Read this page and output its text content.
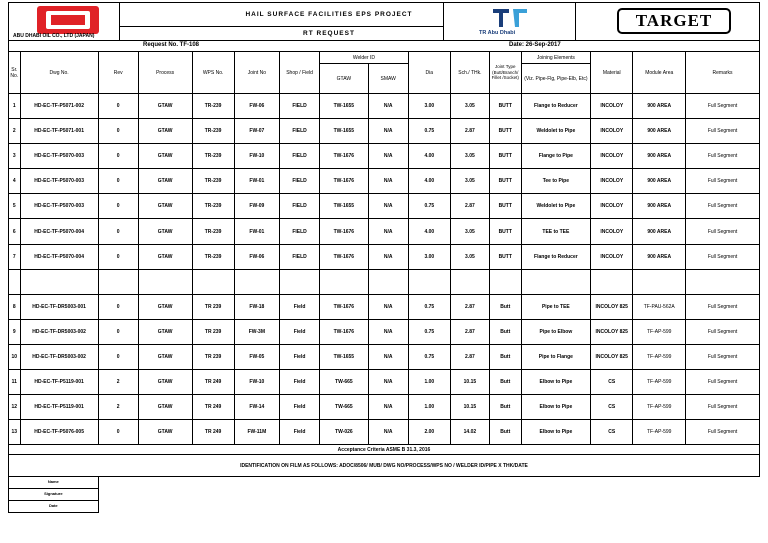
ABU DHABI OIL CO., LTD (JAPAN)
HAIL SURFACE FACILITIES EPS PROJECT
RT REQUEST	TR Abu Dhabi
TARGET
Request No. TF-108	Date: 26-Sep-2017
Sr. No.	Dwg No.	Rev	Process	WPS No.	Joint No	Shop / Field	Welder ID		Dia	Sch./ THk.	Joint Type (Butt/Branch/ Fillet /Socket)	Joining Elements	Material	Module Area	Remarks
							GTAW	SMAW				(Viz. Pipe-Flg, Pipe-Elb, Etc)			
1	HD-EC-TF-P5071-002	0	GTAW	TR-239	FW-06	FIELD	TW-1655	N/A	3.00	3.05	BUTT	Flange to Reducer	INCOLOY	900 AREA	Full Segment
2	HD-EC-TF-P5071-001	0	GTAW	TR-239	FW-07	FIELD	TW-1655	N/A	0.75	2.87	BUTT	Weldolet to Pipe	INCOLOY	900 AREA	Full Segment
3	HD-EC-TF-P5070-003	0	GTAW	TR-239	FW-10	FIELD	TW-1676	N/A	4.00	3.05	BUTT	Flange to Pipe	INCOLOY	900 AREA	Full Segment
4	HD-EC-TF-P5070-003	0	GTAW	TR-239	FW-01	FIELD	TW-1676	N/A	4.00	3.05	BUTT	Tee to Pipe	INCOLOY	900 AREA	Full Segment
5	HD-EC-TF-P5070-003	0	GTAW	TR-239	FW-09	FIELD	TW-1655	N/A	0.75	2.87	BUTT	Weldolet to Pipe	INCOLOY	900 AREA	Full Segment
6	HD-EC-TF-P5070-004	0	GTAW	TR-239	FW-01	FIELD	TW-1676	N/A	4.00	3.05	BUTT	TEE to TEE	INCOLOY	900 AREA	Full Segment
7	HD-EC-TF-P5070-004	0	GTAW	TR-239	FW-06	FIELD	TW-1676	N/A	3.00	3.05	BUTT	Flange to Reducer	INCOLOY	900 AREA	Full Segment

8	HD-EC-TF-DR5003-001	0	GTAW	TR 239	FW-18	Field	TW-1676	N/A	0.75	2.87	Butt	Pipe to TEE	INCOLOY 825	TF-PAU-562A	Full Segment
9	HD-EC-TF-DR5003-002	0	GTAW	TR 239	FW-3M	Field	TW-1676	N/A	0.75	2.87	Butt	Pipe to Elbow	INCOLOY 825	TF-AP-599	Full Segment
10	HD-EC-TF-DR5003-002	0	GTAW	TR 239	FW-05	Field	TW-1655	N/A	0.75	2.87	Butt	Pipe to Flange	INCOLOY 825	TF-AP-599	Full Segment
11	HD-EC-TF-P5119-001	2	GTAW	TR 249	FW-10	Field	TW-665	N/A	1.00	10.15	Butt	Elbow to Pipe	CS	TF-AP-599	Full Segment
12	HD-EC-TF-P5119-001	2	GTAW	TR 249	FW-14	Field	TW-665	N/A	1.00	10.15	Butt	Elbow to Pipe	CS	TF-AP-599	Full Segment
13	HD-EC-TF-P5076-005	0	GTAW	TR 249	FW-11M	Field	TW-026	N/A	2.00	14.02	Butt	Elbow to Pipe	CS	TF-AP-599	Full Segment
Acceptance Criteria ASME B 31.3, 2016															
IDENTIFICATION ON FILM AS FOLLOWS: ADOC/8506/ MUB/ DWG NO/PROCESS/WPS NO / WELDER ID/PIPE X THK/DATE															
Name															
Signature															
Date															
